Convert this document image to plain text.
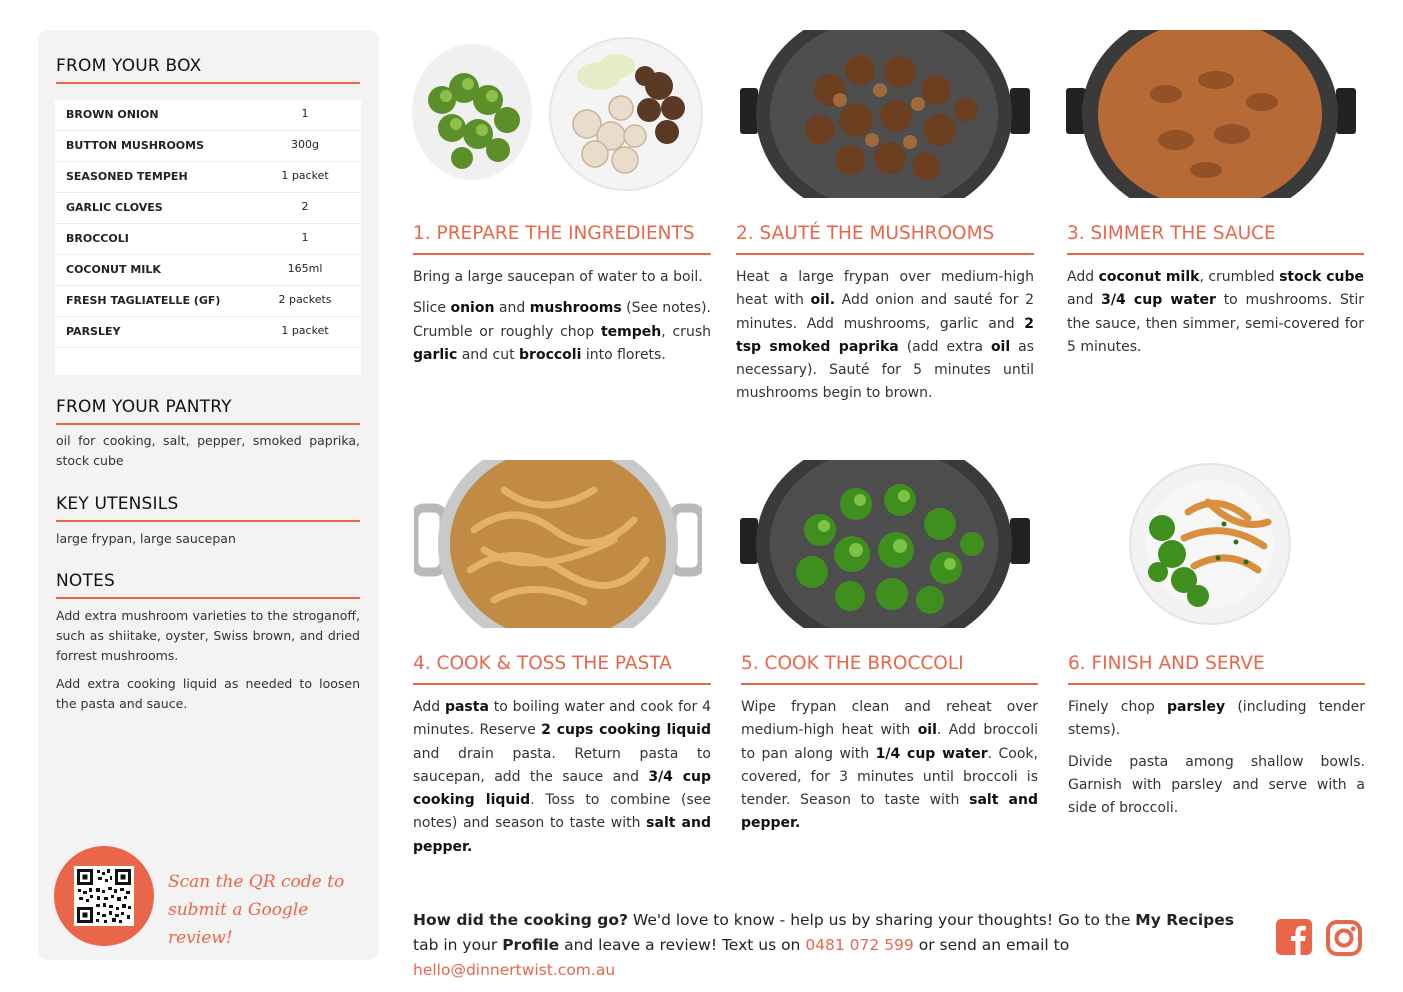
FROM YOUR BOX
BROWN ONION	1
BUTTON MUSHROOMS	300g
SEASONED TEMPEH	1 packet
GARLIC CLOVES	2
BROCCOLI	1
COCONUT MILK	165ml
FRESH TAGLIATELLE (GF)	2 packets
PARSLEY	1 packet
FROM YOUR PANTRY
oil for cooking, salt, pepper, smoked paprika, stock cube
KEY UTENSILS
large frypan, large saucepan
NOTES
Add extra mushroom varieties to the stroganoff, such as shiitake, oyster, Swiss brown, and dried forrest mushrooms.
Add extra cooking liquid as needed to loosen the pasta and sauce.
Scan the QR code to
submit a Google review!
1. PREPARE THE INGREDIENTS

Bring a large saucepan of water to a boil.

Slice onion and mushrooms (See notes). Crumble or roughly chop tempeh, crush garlic and cut broccoli into florets.

2. SAUTÉ THE MUSHROOMS

Heat a large frypan over medium-high heat with oil. Add onion and sauté for 2 minutes. Add mushrooms, garlic and 2 tsp smoked paprika (add extra oil as necessary). Sauté for 5 minutes until mushrooms begin to brown.

3. SIMMER THE SAUCE

Add coconut milk, crumbled stock cube and 3/4 cup water to mushrooms. Stir the sauce, then simmer, semi-covered for 5 minutes.

4. COOK & TOSS THE PASTA

Add pasta to boiling water and cook for 4 minutes. Reserve 2 cups cooking liquid and drain pasta. Return pasta to saucepan, add the sauce and 3/4 cup cooking liquid. Toss to combine (see notes) and season to taste with salt and pepper.

5. COOK THE BROCCOLI

Wipe frypan clean and reheat over medium-high heat with oil. Add broccoli to pan along with 1/4 cup water. Cook, covered, for 3 minutes until broccoli is tender. Season to taste with salt and pepper.

6. FINISH AND SERVE

Finely chop parsley (including tender stems).

Divide pasta among shallow bowls. Garnish with parsley and serve with a side of broccoli.

How did the cooking go? We'd love to know - help us by sharing your thoughts! Go to the My Recipes tab in your Profile and leave a review! Text us on 0481 072 599 or send an email to hello@dinnertwist.com.au
